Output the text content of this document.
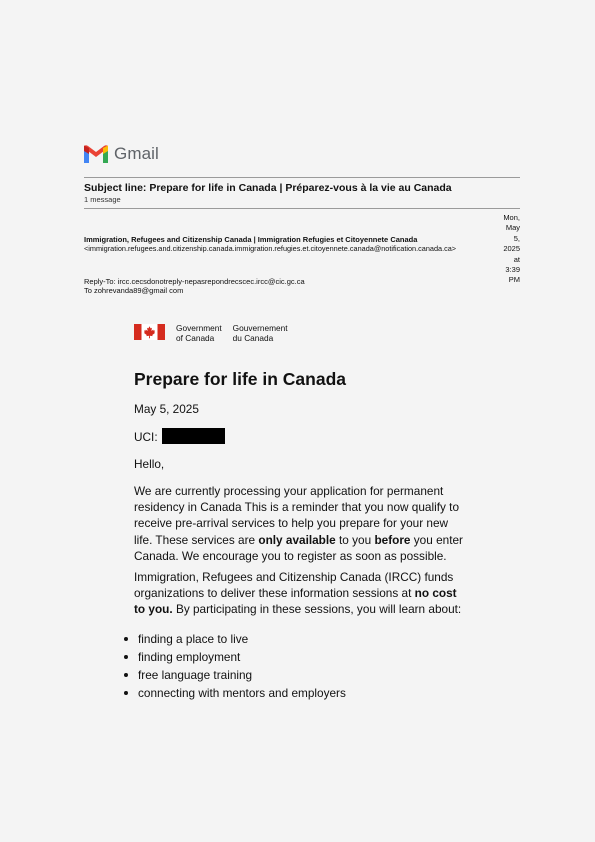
Gmail
Subject line: Prepare for life in Canada | Préparez-vous à la vie au Canada
1 message
Mon,
May
5,
2025
at
3:39
PM
Immigration, Refugees and Citizenship Canada | Immigration Refugies et Citoyennete Canada
<immigration.refugees.and.citizenship.canada.immigration.refugies.et.citoyennete.canada@notification.canada.ca>
Reply-To: ircc.cecsdonotreply-nepasrepondrecscec.ircc@cic.gc.ca
To zohrevanda89@gmail com
Government
of Canada
Gouvernement
du Canada
Prepare for life in Canada
May 5, 2025
UCI:
Hello,
We are currently processing your application for permanent residency in Canada This is a reminder that you now qualify to receive pre-arrival services to help you prepare for your new life. These services are only available to you before you enter Canada. We encourage you to register as soon as possible.
Immigration, Refugees and Citizenship Canada (IRCC) funds organizations to deliver these information sessions at no cost to you. By participating in these sessions, you will learn about:
finding a place to live
finding employment
free language training
connecting with mentors and employers
